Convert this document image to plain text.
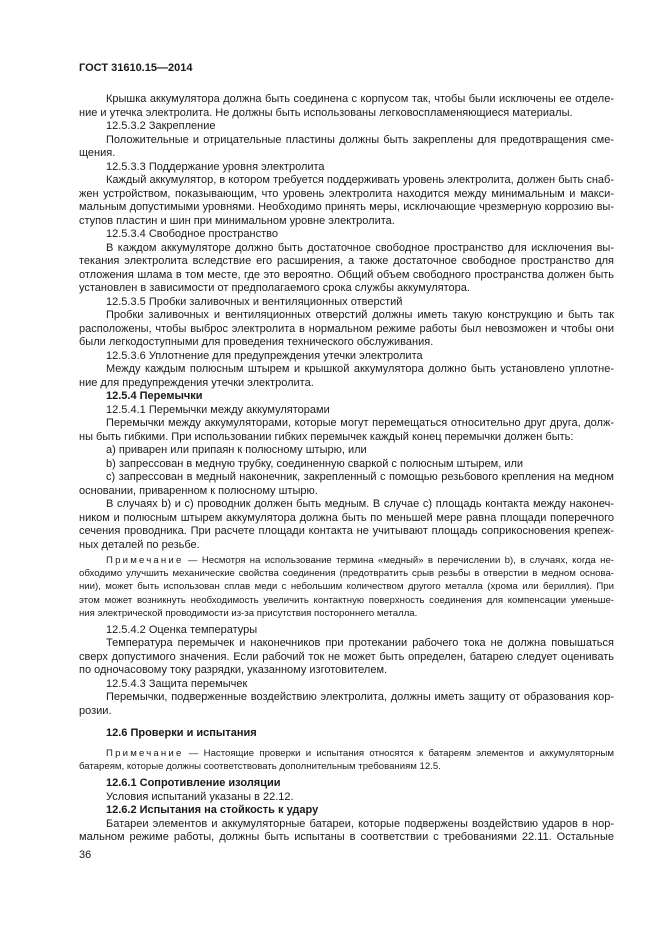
ГОСТ 31610.15—2014
Крышка аккумулятора должна быть соединена с корпусом так, чтобы были исключены ее отделе-
ние и утечка электролита. Не должны быть использованы легковоспламеняющиеся материалы.
12.5.3.2 Закрепление
Положительные и отрицательные пластины должны быть закреплены для предотвращения сме-
щения.
12.5.3.3 Поддержание уровня электролита
Каждый аккумулятор, в котором требуется поддерживать уровень электролита, должен быть снаб-
жен устройством, показывающим, что уровень электролита находится между минимальным и макси-
мальным допустимыми уровнями. Необходимо принять меры, исключающие чрезмерную коррозию вы-
ступов пластин и шин при минимальном уровне электролита.
12.5.3.4 Свободное пространство
В каждом аккумуляторе должно быть достаточное свободное пространство для исключения вы-
текания электролита вследствие его расширения, а также достаточное свободное пространство для
отложения шлама в том месте, где это вероятно. Общий объем свободного пространства должен быть
установлен в зависимости от предполагаемого срока службы аккумулятора.
12.5.3.5 Пробки заливочных и вентиляционных отверстий
Пробки заливочных и вентиляционных отверстий должны иметь такую конструкцию и быть так
расположены, чтобы выброс электролита в нормальном режиме работы был невозможен и чтобы они
были легкодоступными для проведения технического обслуживания.
12.5.3.6 Уплотнение для предупреждения утечки электролита
Между каждым полюсным штырем и крышкой аккумулятора должно быть установлено уплотне-
ние для предупреждения утечки электролита.
12.5.4 Перемычки
12.5.4.1 Перемычки между аккумуляторами
Перемычки между аккумуляторами, которые могут перемещаться относительно друг друга, долж-
ны быть гибкими. При использовании гибких перемычек каждый конец перемычки должен быть:
а) приварен или припаян к полюсному штырю, или
b) запрессован в медную трубку, соединенную сваркой с полюсным штырем, или
с) запрессован в медный наконечник, закрепленный с помощью резьбового крепления на медном
основании, приваренном к полюсному штырю.
В случаях b) и с) проводник должен быть медным. В случае с) площадь контакта между наконеч-
ником и полюсным штырем аккумулятора должна быть по меньшей мере равна площади поперечного
сечения проводника. При расчете площади контакта не учитывают площадь соприкосновения крепеж-
ных деталей по резьбе.
Примечание — Несмотря на использование термина «медный» в перечислении b), в случаях, когда не-
обходимо улучшить механические свойства соединения (предотвратить срыв резьбы в отверстии в медном основа-
нии), может быть использован сплав меди с небольшим количеством другого металла (хрома или бериллия). При
этом может возникнуть необходимость увеличить контактную поверхность соединения для компенсации уменьше-
ния электрической проводимости из-за присутствия постороннего металла.
12.5.4.2 Оценка температуры
Температура перемычек и наконечников при протекании рабочего тока не должна повышаться
сверх допустимого значения. Если рабочий ток не может быть определен, батарею следует оценивать
по одночасовому току разрядки, указанному изготовителем.
12.5.4.3 Защита перемычек
Перемычки, подверженные воздействию электролита, должны иметь защиту от образования кор-
розии.
12.6 Проверки и испытания
Примечание — Настоящие проверки и испытания относятся к батареям элементов и аккумуляторным
батареям, которые должны соответствовать дополнительным требованиям 12.5.
12.6.1 Сопротивление изоляции
Условия испытаний указаны в 22.12.
12.6.2 Испытания на стойкость к удару
Батареи элементов и аккумуляторные батареи, которые подвержены воздействию ударов в нор-
мальном режиме работы, должны быть испытаны в соответствии с требованиями 22.11. Остальные
36
